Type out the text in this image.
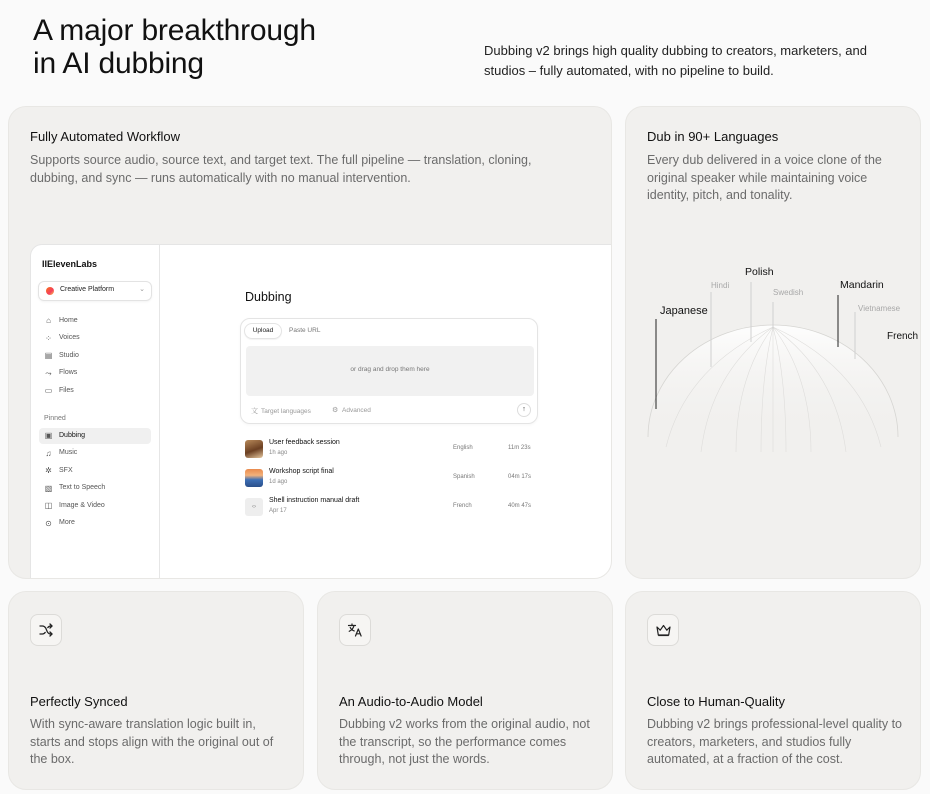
A major breakthrough
in AI dubbing	Dubbing v2 brings high quality dubbing to creators, marketers, and studios – fully automated, with no pipeline to build.
Fully Automated Workflow
Supports source audio, source text, and target text. The full pipeline — translation, cloning, dubbing, and sync — runs automatically with no manual intervention.
IIElevenLabs
Creative Platform	⌄
⌂ Home
⁘ Voices
▤ Studio
⤳ Flows
▭ Files
Pinned
▣ Dubbing
♫ Music
✲ SFX
▧ Text to Speech
◫ Image & Video
⊙ More
Dubbing
Upload	Paste URL
or drag and drop them here
文 Target languages	⚙ Advanced	↑
User feedback session
1h ago
English	11m 23s
Workshop script final
1d ago
Spanish	04m 17s
‹›
Shell instruction manual draft
Apr 17
French	40m 47s
Dub in 90+ Languages
Every dub delivered in a voice clone of the original speaker while maintaining voice identity, pitch, and tonality.
Japanese
Hindi
Polish
Swedish
Mandarin
Vietnamese
French
Perfectly Synced
With sync-aware translation logic built in, starts and stops align with the original out of the box.
An Audio-to-Audio Model
Dubbing v2 works from the original audio, not the transcript, so the performance comes through, not just the words.
Close to Human-Quality
Dubbing v2 brings professional-level quality to creators, marketers, and studios fully automated, at a fraction of the cost.
